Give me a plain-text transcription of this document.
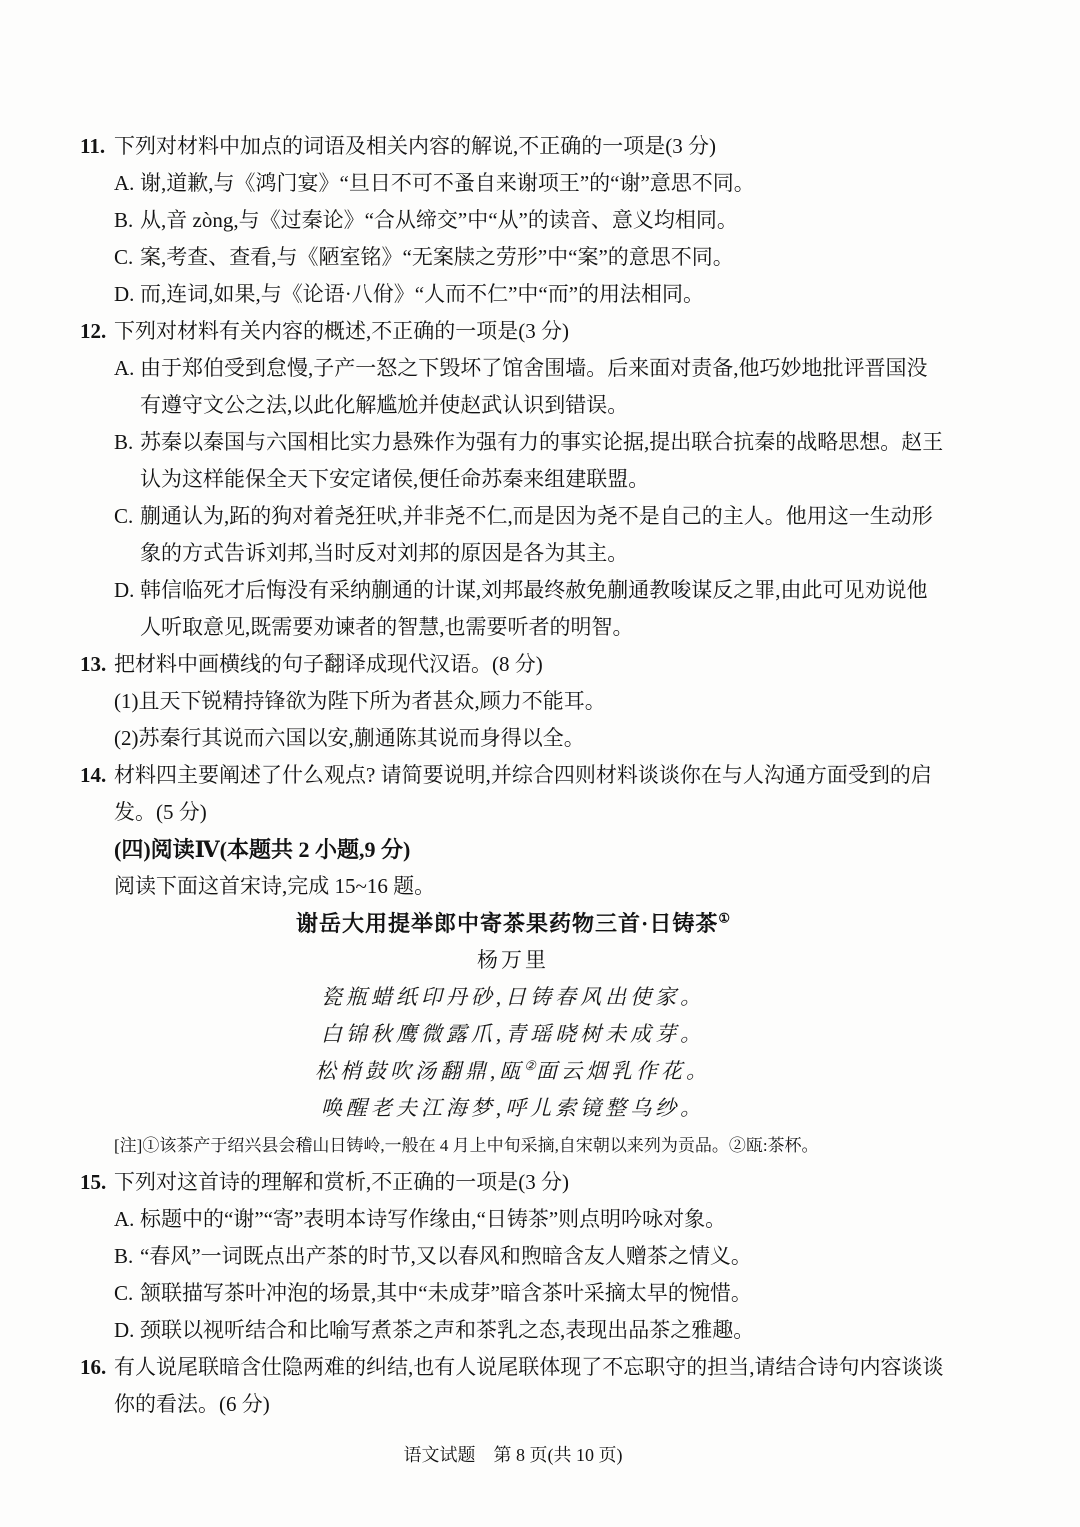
11. 下列对材料中加点的词语及相关内容的解说,不正确的一项是(3 分)
A. 谢,道歉,与《鸿门宴》“旦日不可不蚤自来谢项王”的“谢”意思不同。
B. 从,音 zòng,与《过秦论》“合从缔交”中“从”的读音、意义均相同。
C. 案,考查、查看,与《陋室铭》“无案牍之劳形”中“案”的意思不同。
D. 而,连词,如果,与《论语·八佾》“人而不仁”中“而”的用法相同。
12. 下列对材料有关内容的概述,不正确的一项是(3 分)
A. 由于郑伯受到怠慢,子产一怒之下毁坏了馆舍围墙。后来面对责备,他巧妙地批评晋国没有遵守文公之法,以此化解尴尬并使赵武认识到错误。
B. 苏秦以秦国与六国相比实力悬殊作为强有力的事实论据,提出联合抗秦的战略思想。赵王认为这样能保全天下安定诸侯,便任命苏秦来组建联盟。
C. 蒯通认为,跖的狗对着尧狂吠,并非尧不仁,而是因为尧不是自己的主人。他用这一生动形象的方式告诉刘邦,当时反对刘邦的原因是各为其主。
D. 韩信临死才后悔没有采纳蒯通的计谋,刘邦最终赦免蒯通教唆谋反之罪,由此可见劝说他人听取意见,既需要劝谏者的智慧,也需要听者的明智。
13. 把材料中画横线的句子翻译成现代汉语。(8 分)
(1)且天下锐精持锋欲为陛下所为者甚众,顾力不能耳。
(2)苏秦行其说而六国以安,蒯通陈其说而身得以全。
14. 材料四主要阐述了什么观点? 请简要说明,并综合四则材料谈谈你在与人沟通方面受到的启发。(5 分)
(四)阅读Ⅳ(本题共 2 小题,9 分)
阅读下面这首宋诗,完成 15~16 题。
谢岳大用提举郎中寄茶果药物三首·日铸茶①
杨万里
瓷瓶蜡纸印丹砂,日铸春风出使家。
白锦秋鹰微露爪,青瑶晓树未成芽。
松梢鼓吹汤翻鼎,瓯②面云烟乳作花。
唤醒老夫江海梦,呼儿索镜整乌纱。
[注]①该茶产于绍兴县会稽山日铸岭,一般在 4 月上中旬采摘,自宋朝以来列为贡品。②瓯:茶杯。
15. 下列对这首诗的理解和赏析,不正确的一项是(3 分)
A. 标题中的“谢”“寄”表明本诗写作缘由,“日铸茶”则点明吟咏对象。
B. “春风”一词既点出产茶的时节,又以春风和煦暗含友人赠茶之情义。
C. 颔联描写茶叶冲泡的场景,其中“未成芽”暗含茶叶采摘太早的惋惜。
D. 颈联以视听结合和比喻写煮茶之声和茶乳之态,表现出品茶之雅趣。
16. 有人说尾联暗含仕隐两难的纠结,也有人说尾联体现了不忘职守的担当,请结合诗句内容谈谈你的看法。(6 分)
语文试题　第 8 页(共 10 页)
